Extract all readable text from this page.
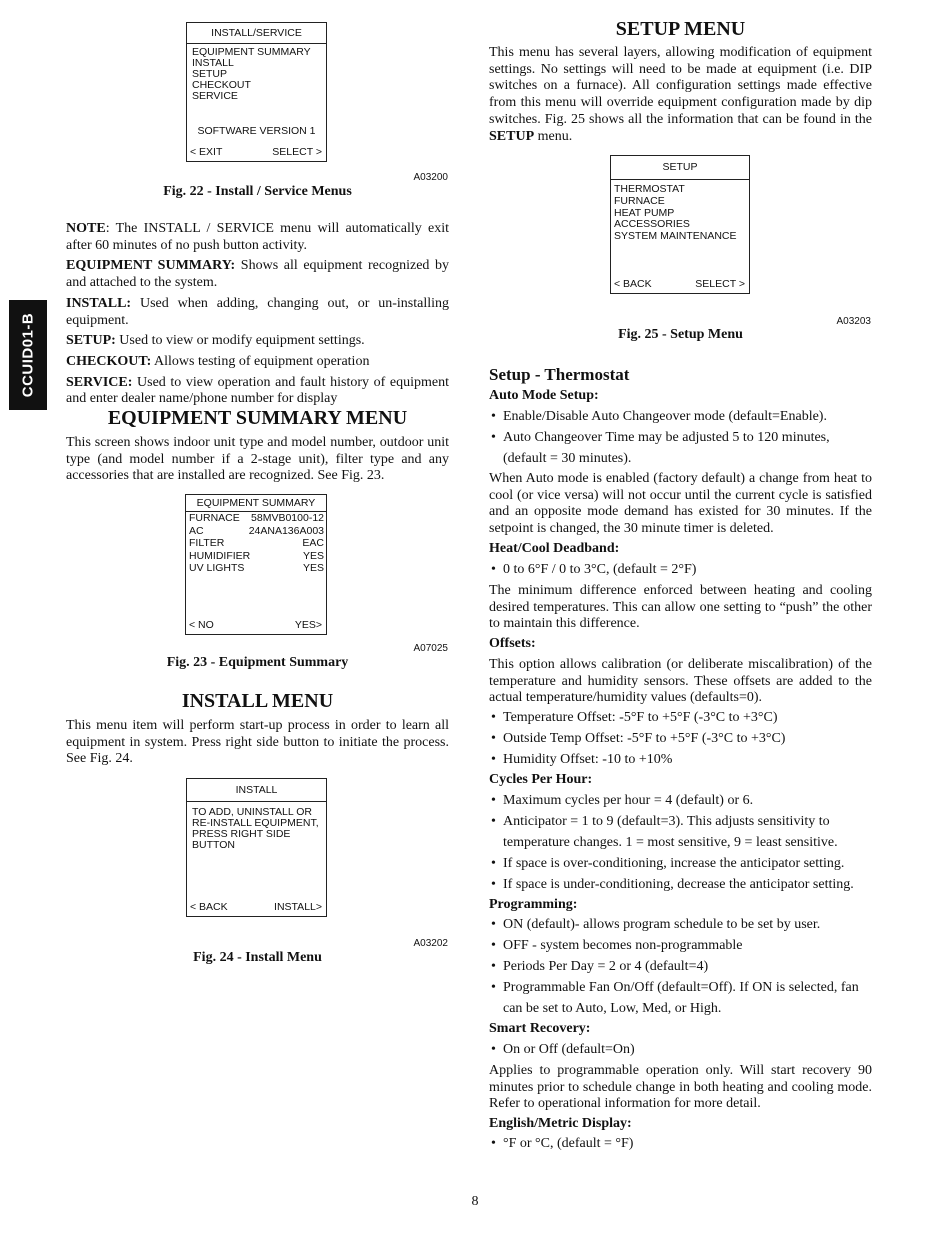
CCUID01-B
INSTALL/SERVICE
EQUIPMENT SUMMARY
INSTALL
SETUP
CHECKOUT
SERVICE
SOFTWARE VERSION 1
< EXIT	SELECT >
A03200
Fig. 22 - Install / Service Menus

NOTE: The INSTALL / SERVICE menu will automatically exit after 60 minutes of no push button activity.

EQUIPMENT SUMMARY: Shows all equipment recognized by and attached to the system.

INSTALL: Used when adding, changing out, or un-installing equipment.

SETUP: Used to view or modify equipment settings.

CHECKOUT: Allows testing of equipment operation

SERVICE: Used to view operation and fault history of equipment and enter dealer name/phone number for display

EQUIPMENT SUMMARY MENU

This screen shows indoor unit type and model number, outdoor unit type (and model number if a 2-stage unit), filter type and any accessories that are installed are recognized. See Fig. 23.

EQUIPMENT SUMMARY
FURNACE 58MVB0100-12
AC	24ANA136A003
FILTER	EAC
HUMIDIFIER	YES
UV LIGHTS	YES
< NO	YES>
A07025
Fig. 23 - Equipment Summary
INSTALL MENU

This menu item will perform start-up process in order to learn all equipment in system. Press right side button to initiate the process. See Fig. 24.

INSTALL
TO ADD, UNINSTALL OR
RE-INSTALL EQUIPMENT,
PRESS RIGHT SIDE
BUTTON
< BACK	INSTALL>
A03202
Fig. 24 - Install Menu
SETUP MENU

This menu has several layers, allowing modification of equipment settings. No settings will need to be made at equipment (i.e. DIP switches on a furnace). All configuration settings made effective from this menu will override equipment configuration made by dip switches. Fig. 25 shows all the information that can be found in the SETUP menu.

SETUP
THERMOSTAT
FURNACE
HEAT PUMP
ACCESSORIES
SYSTEM MAINTENANCE
< BACK	SELECT >
A03203
Fig. 25 - Setup Menu
Setup - Thermostat
Auto Mode Setup:
• Enable/Disable Auto Changeover mode (default=Enable).
• Auto Changeover Time may be adjusted 5 to 120 minutes,
(default = 30 minutes).

When Auto mode is enabled (factory default) a change from heat to cool (or vice versa) will not occur until the current cycle is satisfied and an opposite mode demand has existed for 30 minutes. If the setpoint is changed, the 30 minute timer is deleted.

Heat/Cool Deadband:
• 0 to 6°F / 0 to 3°C, (default = 2°F)

The minimum difference enforced between heating and cooling desired temperatures. This can allow one setting to “push” the other to maintain this difference.

Offsets:

This option allows calibration (or deliberate miscalibration) of the temperature and humidity sensors. These offsets are added to the actual temperature/humidity values (defaults=0).

• Temperature Offset: -5°F to +5°F (-3°C to +3°C)
• Outside Temp Offset: -5°F to +5°F (-3°C to +3°C)
• Humidity Offset: -10 to +10%
Cycles Per Hour:
• Maximum cycles per hour = 4 (default) or 6.
• Anticipator = 1 to 9 (default=3). This adjusts sensitivity to
temperature changes. 1 = most sensitive, 9 = least sensitive.
• If space is over-conditioning, increase the anticipator setting.
• If space is under-conditioning, decrease the anticipator setting.
Programming:
• ON (default)- allows program schedule to be set by user.
• OFF - system becomes non-programmable
• Periods Per Day = 2 or 4 (default=4)
• Programmable Fan On/Off (default=Off). If ON is selected, fan
can be set to Auto, Low, Med, or High.
Smart Recovery:
• On or Off (default=On)

Applies to programmable operation only. Will start recovery 90 minutes prior to schedule change in both heating and cooling mode. Refer to operational information for more detail.

English/Metric Display:
• °F or °C, (default = °F)
8
